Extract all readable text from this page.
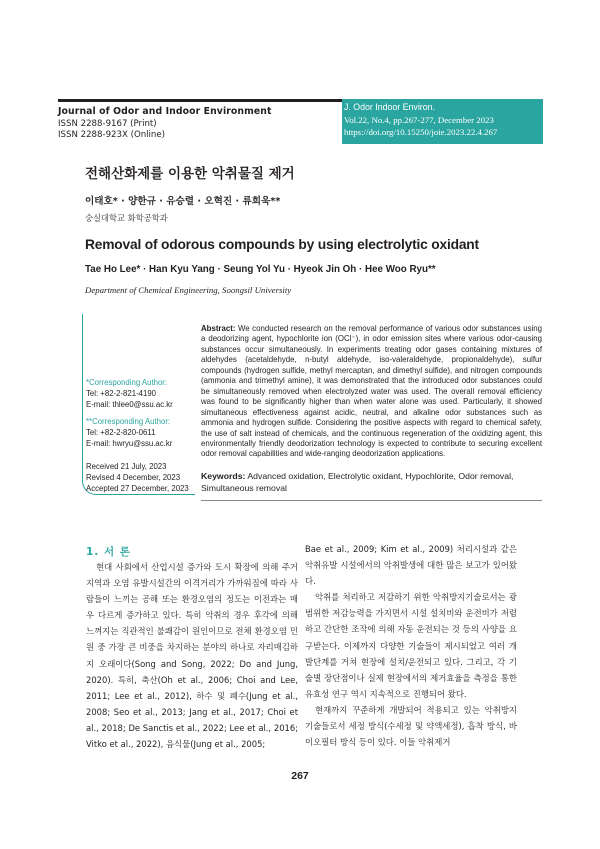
Journal of Odor and Indoor Environment
ISSN 2288-9167 (Print)
ISSN 2288-923X (Online)
J. Odor Indoor Environ.
Vol.22, No.4, pp.267-277, December 2023
https://doi.org/10.15250/joie.2023.22.4.267
전해산화제를 이용한 악취물질 제거
이태호* · 양한규 · 유승렬 · 오혁진 · 류희욱**
숭실대학교 화학공학과
Removal of odorous compounds by using electrolytic oxidant
Tae Ho Lee* · Han Kyu Yang · Seung Yol Yu · Hyeok Jin Oh · Hee Woo Ryu**
Department of Chemical Engineering, Soongsil University
*Corresponding Author:
Tel: +82-2-821-4190
E-mail: thlee0@ssu.ac.kr
**Corresponding Author:
Tel: +82-2-820-0611
E-mail: hwryu@ssu.ac.kr
Received 21 July, 2023
Revised 4 December, 2023
Accepted 27 December, 2023
Abstract: We conducted research on the removal performance of various odor substances using a deodorizing agent, hypochlorite ion (OCl⁻), in odor emission sites where various odor-causing substances occur simultaneously. In experiments treating odor gases containing mixtures of aldehydes (acetaldehyde, n-butyl aldehyde, iso-valeraldehyde, propionaldehyde), sulfur compounds (hydrogen sulfide, methyl mercaptan, and dimethyl sulfide), and nitrogen compounds (ammonia and trimethyl amine), it was demonstrated that the introduced odor substances could be simultaneously removed when electrolyzed water was used. The overall removal efficiency was found to be significantly higher than when water alone was used. Particularly, it showed simultaneous effectiveness against acidic, neutral, and alkaline odor substances such as ammonia and hydrogen sulfide. Considering the positive aspects with regard to chemical safety, the use of salt instead of chemicals, and the continuous regeneration of the oxidizing agent, this environmentally friendly deodorization technology is expected to contribute to securing excellent odor removal capabilities and wide-ranging deodorization applications.
Keywords: Advanced oxidation, Electrolytic oxidant, Hypochlorite, Odor removal, Simultaneous removal
1. 서 론

현대 사회에서 산업시설 증가와 도시 확장에 의해 주거지역과 오염 유발시설간의 이격거리가 가까워짐에 따라 사람들이 느끼는 공해 또는 환경오염의 정도는 이전과는 매우 다르게 증가하고 있다. 특히 악취의 경우 후각에 의해 느껴지는 직관적인 불쾌감이 원인이므로 전체 환경오염 민원 중 가장 큰 비중을 차지하는 분야의 하나로 자리매김하지 오래이다(Song and Song, 2022; Do and Jung, 2020). 특히, 축산(Oh et al., 2006; Choi and Lee, 2011; Lee et al., 2012), 하수 및 폐수(Jung et al., 2008; Seo et al., 2013; Jang et al., 2017; Choi et al., 2018; De Sanctis et al., 2022; Lee et al., 2016; Vitko et al., 2022), 음식물(Jung et al., 2005;

Bae et al., 2009; Kim et al., 2009) 처리시설과 같은 악취유발 시설에서의 악취발생에 대한 많은 보고가 있어왔다.

악취를 처리하고 저감하기 위한 악취방지기술로서는 광범위한 저감능력을 가지면서 시설 설치비와 운전비가 저렴하고 간단한 조작에 의해 자동 운전되는 것 등의 사양을 요구받는다. 이제까지 다양한 기술들이 제시되었고 여러 개발단계를 거쳐 현장에 설치/운전되고 있다. 그리고, 각 기술별 장단점이나 실제 현장에서의 제거효율을 측정을 통한 유효성 연구 역시 지속적으로 진행되어 왔다.

현재까지 꾸준하게 개발되어 적용되고 있는 악취방지 기술들로서 세정 방식(수세정 및 약액세정), 흡착 방식, 바이오필터 방식 등이 있다. 이들 악취제거

267
